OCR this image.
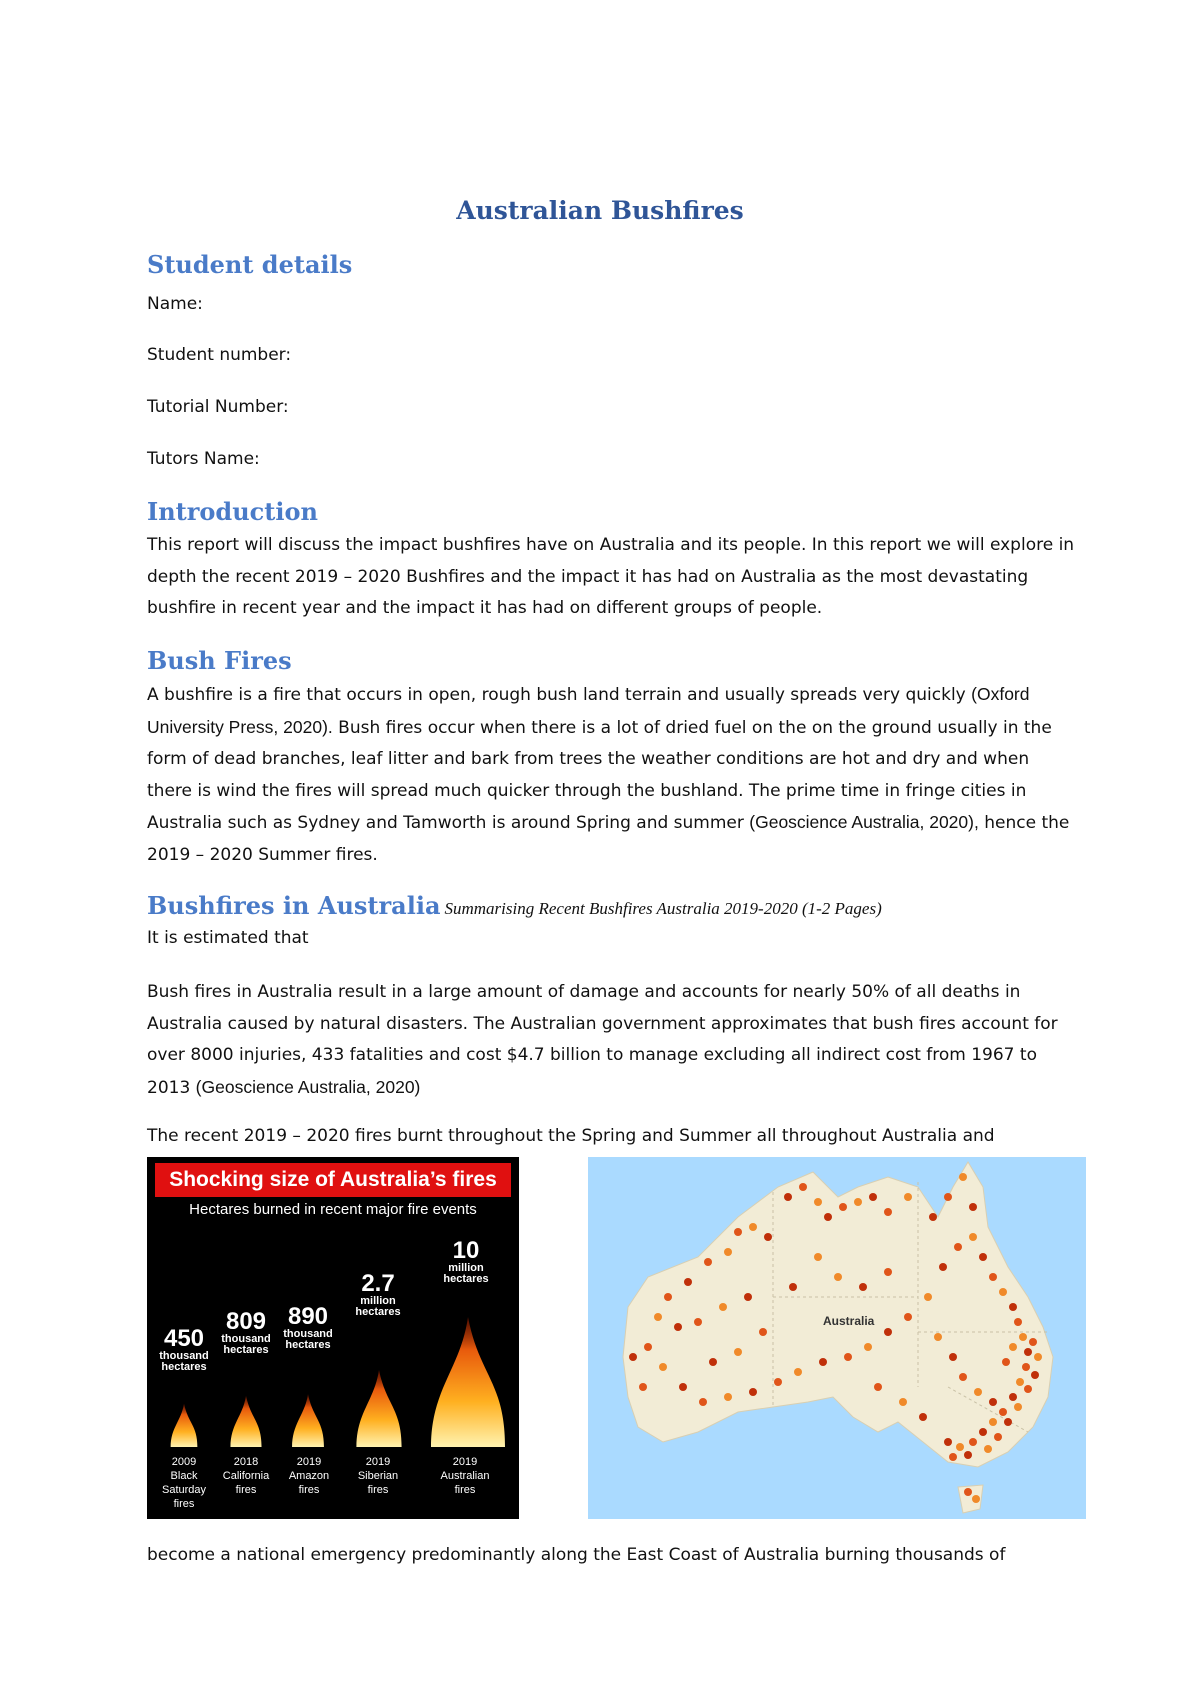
Australian Bushfires
Student details
Name:
Student number:
Tutorial Number:
Tutors Name:
Introduction
This report will discuss the impact bushfires have on Australia and its people. In this report we will explore in depth the recent 2019 – 2020 Bushfires and the impact it has had on Australia as the most devastating bushfire in recent year and the impact it has had on different groups of people.
Bush Fires
A bushfire is a fire that occurs in open, rough bush land terrain and usually spreads very quickly (Oxford University Press, 2020). Bush fires occur when there is a lot of dried fuel on the on the ground usually in the form of dead branches, leaf litter and bark from trees the weather conditions are hot and dry and when there is wind the fires will spread much quicker through the bushland. The prime time in fringe cities in Australia such as Sydney and Tamworth is around Spring and summer (Geoscience Australia, 2020), hence the 2019 – 2020 Summer fires.
Bushfires in Australia Summarising Recent Bushfires Australia 2019-2020 (1-2 Pages)
It is estimated that
Bush fires in Australia result in a large amount of damage and accounts for nearly 50% of all deaths in Australia caused by natural disasters. The Australian government approximates that bush fires account for over 8000 injuries, 433 fatalities and cost $4.7 billion to manage excluding all indirect cost from 1967 to 2013 (Geoscience Australia, 2020)
The recent 2019 – 2020 fires burnt throughout the Spring and Summer all throughout Australia and
Shocking size of Australia’s fires
Hectares burned in recent major fire events
450
thousand
hectares
809
thousand
hectares
890
thousand
hectares
2.7
million
hectares
10
million
hectares
2009
Black
Saturday
fires
2018
California
fires
2019
Amazon
fires
2019
Siberian
fires
2019
Australian
fires
Australia
become a national emergency predominantly along the East Coast of Australia burning thousands of
